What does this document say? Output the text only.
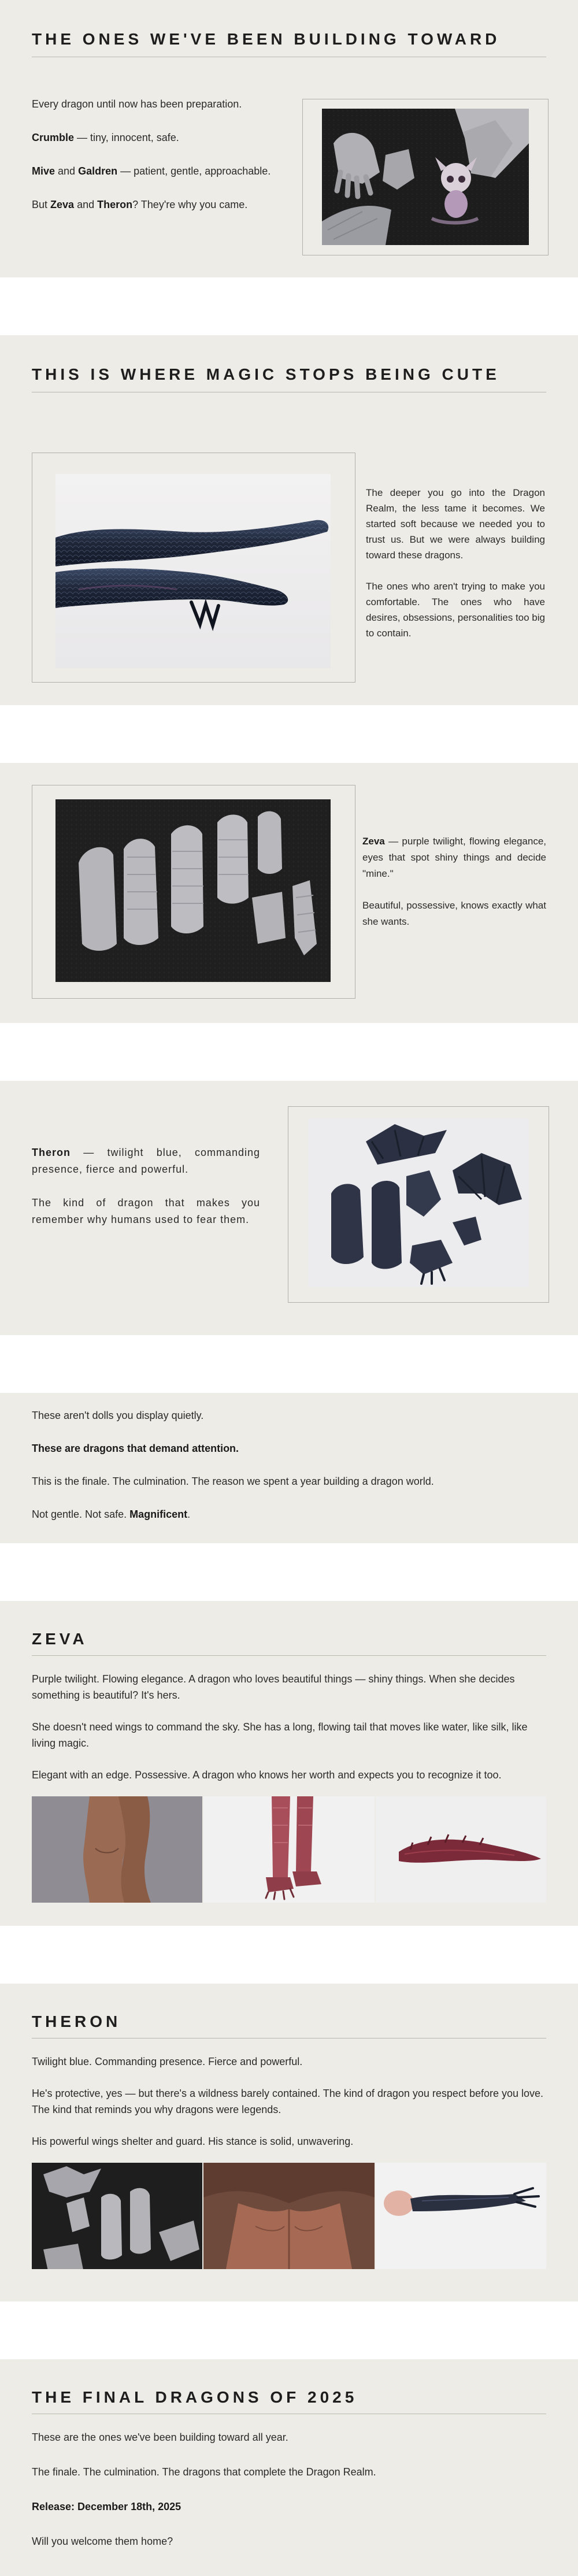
THE ONES WE'VE BEEN BUILDING TOWARD

Every dragon until now has been preparation.

Crumble — tiny, innocent, safe.

Mive and Galdren — patient, gentle, approachable.

But Zeva and Theron? They're why you came.

THIS IS WHERE MAGIC STOPS BEING CUTE

The deeper you go into the Dragon Realm, the less tame it becomes. We started soft because we needed you to trust us. But we were always building toward these dragons.

The ones who aren't trying to make you comfortable. The ones who have desires, obsessions, personalities too big to contain.

Zeva — purple twilight, flowing elegance, eyes that spot shiny things and decide "mine."

Beautiful, possessive, knows exactly what she wants.

Theron — twilight blue, commanding presence, fierce and powerful.

The kind of dragon that makes you remember why humans used to fear them.

These aren't dolls you display quietly.

These are dragons that demand attention.

This is the finale. The culmination. The reason we spent a year building a dragon world.

Not gentle. Not safe. Magnificent.

ZEVA

Purple twilight. Flowing elegance. A dragon who loves beautiful things — shiny things. When she decides something is beautiful? It's hers.

She doesn't need wings to command the sky. She has a long, flowing tail that moves like water, like silk, like living magic.

Elegant with an edge. Possessive. A dragon who knows her worth and expects you to recognize it too.

THERON

Twilight blue. Commanding presence. Fierce and powerful.

He's protective, yes — but there's a wildness barely contained. The kind of dragon you respect before you love. The kind that reminds you why dragons were legends.

His powerful wings shelter and guard. His stance is solid, unwavering.

THE FINAL DRAGONS OF 2025

These are the ones we've been building toward all year.

The finale. The culmination. The dragons that complete the Dragon Realm.

Release: December 18th, 2025

Will you welcome them home?
